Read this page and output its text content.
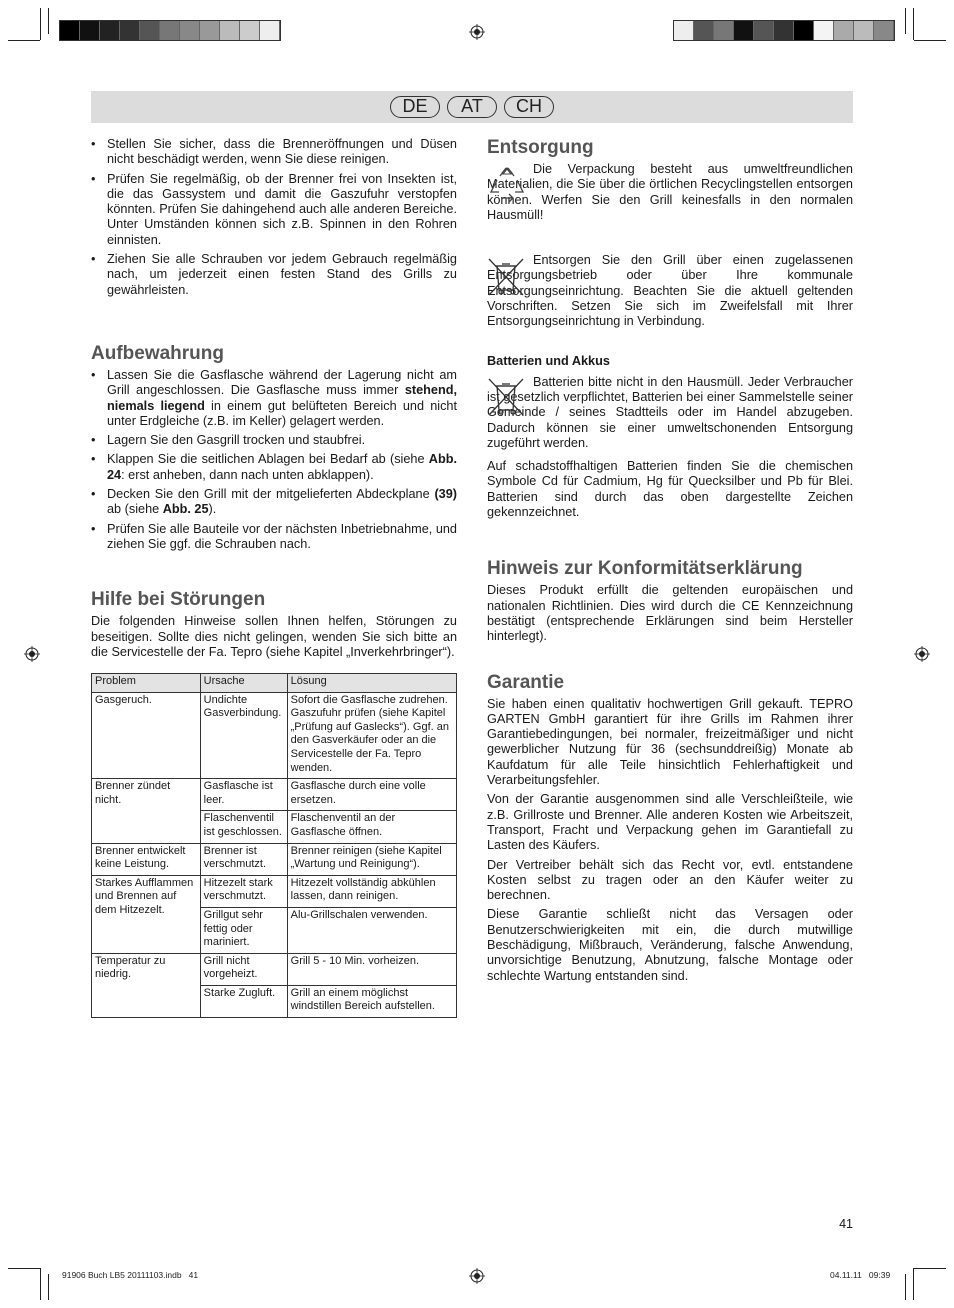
DE	AT	CH
• Stellen Sie sicher, dass die Brenneröffnungen und Düsen nicht beschädigt werden, wenn Sie diese reinigen.
• Prüfen Sie regelmäßig, ob der Brenner frei von Insekten ist, die das Gassystem und damit die Gaszufuhr verstopfen könnten. Prüfen Sie dahingehend auch alle anderen Bereiche. Unter Umständen können sich z.B. Spinnen in den Rohren einnisten.
• Ziehen Sie alle Schrauben vor jedem Gebrauch regelmäßig nach, um jederzeit einen festen Stand des Grills zu gewährleisten.
Aufbewahrung
• Lassen Sie die Gasflasche während der Lagerung nicht am Grill angeschlossen. Die Gasflasche muss immer stehend, niemals liegend in einem gut belüfteten Bereich und nicht unter Erdgleiche (z.B. im Keller) gelagert werden.
• Lagern Sie den Gasgrill trocken und staubfrei.
• Klappen Sie die seitlichen Ablagen bei Bedarf ab (siehe Abb. 24: erst anheben, dann nach unten abklappen).
• Decken Sie den Grill mit der mitgelieferten Abdeckplane (39) ab (siehe Abb. 25).
• Prüfen Sie alle Bauteile vor der nächsten Inbetriebnahme, und ziehen Sie ggf. die Schrauben nach.
Hilfe bei Störungen

Die folgenden Hinweise sollen Ihnen helfen, Störungen zu beseitigen. Sollte dies nicht gelingen, wenden Sie sich bitte an die Servicestelle der Fa. Tepro (siehe Kapitel „Inverkehrbringer“).

Problem	Ursache	Lösung
Gasgeruch.	Undichte Gasverbindung.	Sofort die Gasflasche zudrehen. Gaszufuhr prüfen (siehe Kapitel „Prüfung auf Gaslecks“). Ggf. an den Gasverkäufer oder an die Servicestelle der Fa. Tepro wenden.
Brenner zündet nicht.	Gasflasche ist leer.	Gasflasche durch eine volle ersetzen.
	Flaschenventil ist geschlossen.	Flaschenventil an der Gasflasche öffnen.
Brenner entwickelt keine Leistung.	Brenner ist verschmutzt.	Brenner reinigen (siehe Kapitel „Wartung und Reinigung“).
Starkes Aufflammen und Brennen auf dem Hitzezelt.	Hitzezelt stark verschmutzt.	Hitzezelt vollständig abkühlen lassen, dann reinigen.
	Grillgut sehr fettig oder mariniert.	Alu-Grillschalen verwenden.
Temperatur zu niedrig.	Grill nicht vorgeheizt.	Grill 5 - 10 Min. vorheizen.
	Starke Zugluft.	Grill an einem möglichst windstillen Bereich aufstellen.
Entsorgung

Die Verpackung besteht aus umweltfreundlichen Materialien, die Sie über die örtlichen Recyclingstellen entsorgen können. Werfen Sie den Grill keinesfalls in den normalen Hausmüll!

Entsorgen Sie den Grill über einen zugelassenen Entsorgungsbetrieb oder über Ihre kommunale Entsorgungseinrichtung. Beachten Sie die aktuell geltenden Vorschriften. Setzen Sie sich im Zweifelsfall mit Ihrer Entsorgungseinrichtung in Verbindung.

Batterien und Akkus

Batterien bitte nicht in den Hausmüll. Jeder Verbraucher ist gesetzlich verpflichtet, Batterien bei einer Sammelstelle seiner Gemeinde / seines Stadtteils oder im Handel abzugeben. Dadurch können sie einer umweltschonenden Entsorgung zugeführt werden.

Auf schadstoffhaltigen Batterien finden Sie die chemischen Symbole Cd für Cadmium, Hg für Quecksilber und Pb für Blei. Batterien sind durch das oben dargestellte Zeichen gekennzeichnet.

Hinweis zur Konformitätserklärung

Dieses Produkt erfüllt die geltenden europäischen und nationalen Richtlinien. Dies wird durch die CE Kennzeichnung bestätigt (entsprechende Erklärungen sind beim Hersteller hinterlegt).

Garantie

Sie haben einen qualitativ hochwertigen Grill gekauft. TEPRO GARTEN GmbH garantiert für ihre Grills im Rahmen ihrer Garantiebedingungen, bei normaler, freizeitmäßiger und nicht gewerblicher Nutzung für 36 (sechsunddreißig) Monate ab Kaufdatum für alle Teile hinsichtlich Fehlerhaftigkeit und Verarbeitungsfehler.

Von der Garantie ausgenommen sind alle Verschleißteile, wie z.B. Grillroste und Brenner. Alle anderen Kosten wie Arbeitszeit, Transport, Fracht und Verpackung gehen im Garantiefall zu Lasten des Käufers.

Der Vertreiber behält sich das Recht vor, evtl. entstandene Kosten selbst zu tragen oder an den Käufer weiter zu berechnen.

Diese Garantie schließt nicht das Versagen oder Benutzerschwierigkeiten mit ein, die durch mutwillige Beschädigung, Mißbrauch, Veränderung, falsche Anwendung, unvorsichtige Benutzung, Abnutzung, falsche Montage oder schlechte Wartung entstanden sind.

41
91906 Buch LB5 20111103.indb   41	04.11.11   09:39
